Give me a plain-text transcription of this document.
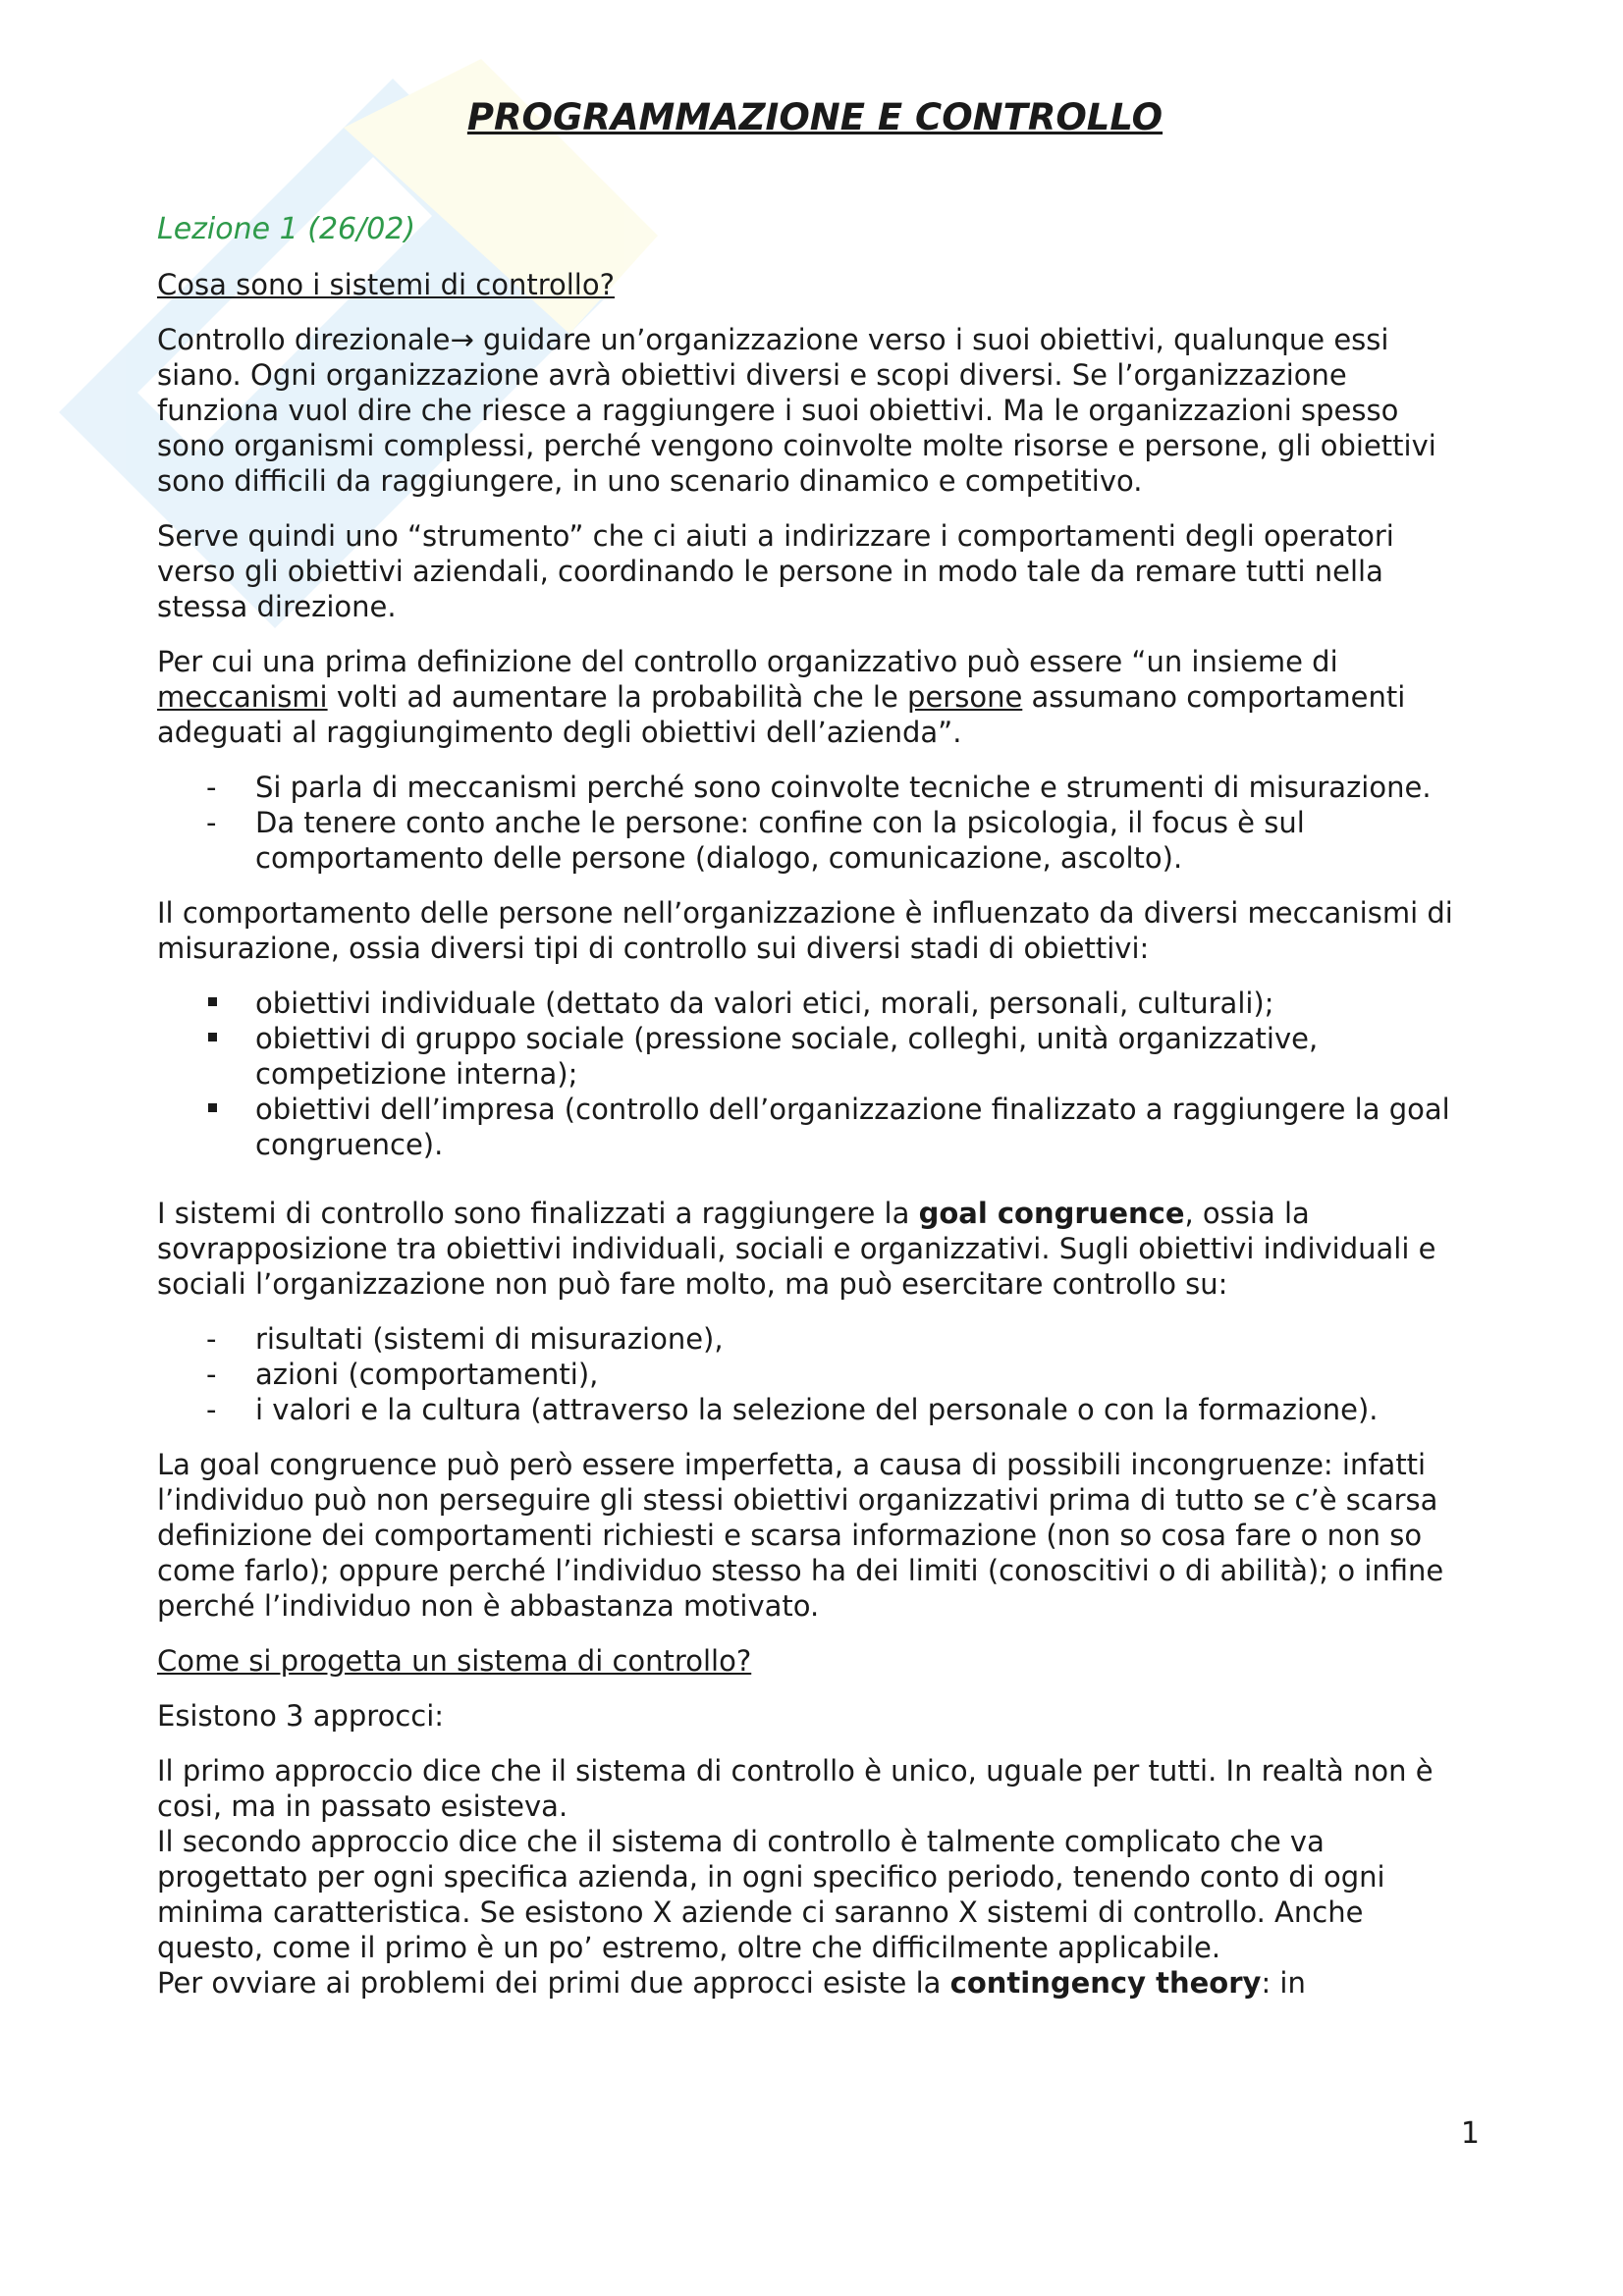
PROGRAMMAZIONE E CONTROLLO

Lezione 1 (26/02)

Cosa sono i sistemi di controllo?

Controllo direzionale→ guidare un’organizzazione verso i suoi obiettivi, qualunque essi siano. Ogni organizzazione avrà obiettivi diversi e scopi diversi. Se l’organizzazione funziona vuol dire che riesce a raggiungere i suoi obiettivi. Ma le organizzazioni spesso sono organismi complessi, perché vengono coinvolte molte risorse e persone, gli obiettivi sono difficili da raggiungere, in uno scenario dinamico e competitivo.

Serve quindi uno “strumento” che ci aiuti a indirizzare i comportamenti degli operatori verso gli obiettivi aziendali, coordinando le persone in modo tale da remare tutti nella stessa direzione.

Per cui una prima definizione del controllo organizzativo può essere “un insieme di meccanismi volti ad aumentare la probabilità che le persone assumano comportamenti adeguati al raggiungimento degli obiettivi dell’azienda”.

- Si parla di meccanismi perché sono coinvolte tecniche e strumenti di misurazione.
- Da tenere conto anche le persone: confine con la psicologia, il focus è sul comportamento delle persone (dialogo, comunicazione, ascolto).

Il comportamento delle persone nell’organizzazione è influenzato da diversi meccanismi di misurazione, ossia diversi tipi di controllo sui diversi stadi di obiettivi:

obiettivi individuale (dettato da valori etici, morali, personali, culturali);
obiettivi di gruppo sociale (pressione sociale, colleghi, unità organizzative, competizione interna);
obiettivi dell’impresa (controllo dell’organizzazione finalizzato a raggiungere la goal congruence).

I sistemi di controllo sono finalizzati a raggiungere la goal congruence, ossia la sovrapposizione tra obiettivi individuali, sociali e organizzativi. Sugli obiettivi individuali e sociali l’organizzazione non può fare molto, ma può esercitare controllo su:

- risultati (sistemi di misurazione),
- azioni (comportamenti),
- i valori e la cultura (attraverso la selezione del personale o con la formazione).

La goal congruence può però essere imperfetta, a causa di possibili incongruenze: infatti l’individuo può non perseguire gli stessi obiettivi organizzativi prima di tutto se c’è scarsa definizione dei comportamenti richiesti e scarsa informazione (non so cosa fare o non so come farlo); oppure perché l’individuo stesso ha dei limiti (conoscitivi o di abilità); o infine perché l’individuo non è abbastanza motivato.

Come si progetta un sistema di controllo?

Esistono 3 approcci:

Il primo approccio dice che il sistema di controllo è unico, uguale per tutti. In realtà non è cosi, ma in passato esisteva.

Il secondo approccio dice che il sistema di controllo è talmente complicato che va progettato per ogni specifica azienda, in ogni specifico periodo, tenendo conto di ogni minima caratteristica. Se esistono X aziende ci saranno X sistemi di controllo. Anche questo, come il primo è un po’ estremo, oltre che difficilmente applicabile.

Per ovviare ai problemi dei primi due approcci esiste la contingency theory: in

1
